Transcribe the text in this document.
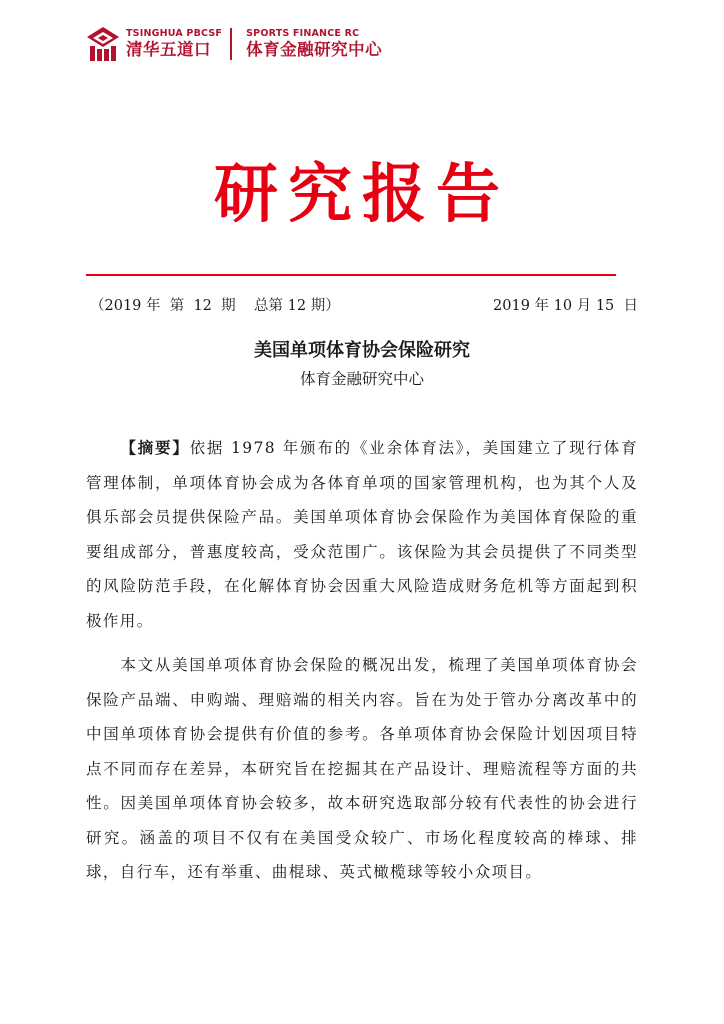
TSINGHUA PBCSF
清华五道口
SPORTS FINANCE RC
体育金融研究中心
研究报告
（2019 年  第  12  期    总第 12 期）	2019 年 10 月 15  日
美国单项体育协会保险研究
体育金融研究中心

【摘要】依据 1978 年颁布的《业余体育法》，美国建立了现行体育管理体制，单项体育协会成为各体育单项的国家管理机构，也为其个人及俱乐部会员提供保险产品。美国单项体育协会保险作为美国体育保险的重要组成部分，普惠度较高，受众范围广。该保险为其会员提供了不同类型的风险防范手段，在化解体育协会因重大风险造成财务危机等方面起到积极作用。

本文从美国单项体育协会保险的概况出发，梳理了美国单项体育协会保险产品端、申购端、理赔端的相关内容。旨在为处于管办分离改革中的中国单项体育协会提供有价值的参考。各单项体育协会保险计划因项目特点不同而存在差异，本研究旨在挖掘其在产品设计、理赔流程等方面的共性。因美国单项体育协会较多，故本研究选取部分较有代表性的协会进行研究。涵盖的项目不仅有在美国受众较广、市场化程度较高的棒球、排球，自行车，还有举重、曲棍球、英式橄榄球等较小众项目。
